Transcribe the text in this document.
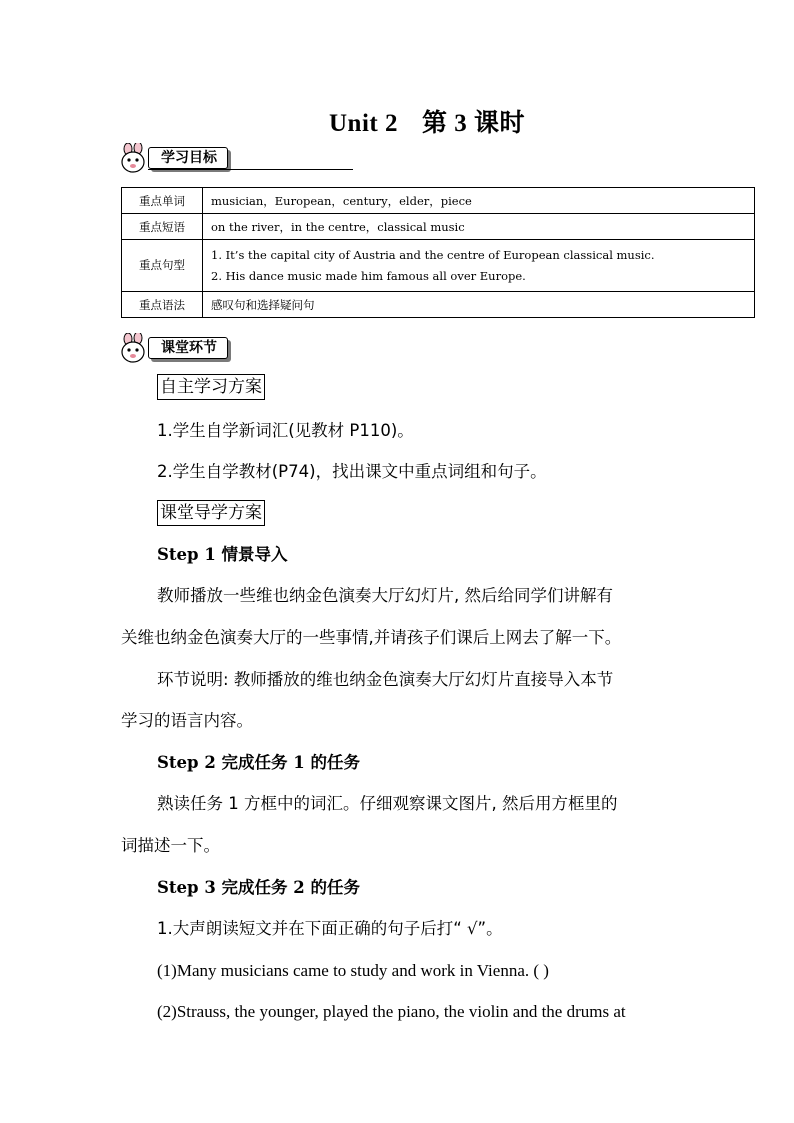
Unit 2 第 3 课时
学习目标
重点单词	musician，European，century，elder，piece
重点短语	on the river，in the centre，classical music
重点句型	1. It’s the capital city of Austria and the centre of European classical music.
2. His dance music made him famous all over Europe.

重点语法	感叹句和选择疑问句
课堂环节
自主学习方案
1.学生自学新词汇(见教材 P110)。
2.学生自学教材(P74)，找出课文中重点词组和句子。
课堂导学方案
Step 1 情景导入
教师播放一些维也纳金色演奏大厅幻灯片, 然后给同学们讲解有
关维也纳金色演奏大厅的一些事情,并请孩子们课后上网去了解一下。
环节说明: 教师播放的维也纳金色演奏大厅幻灯片直接导入本节
学习的语言内容。
Step 2 完成任务 1 的任务
熟读任务 1 方框中的词汇。仔细观察课文图片, 然后用方框里的
词描述一下。
Step 3 完成任务 2 的任务
1.大声朗读短文并在下面正确的句子后打“ √”。
(1)Many musicians came to study and work in Vienna. ( )
(2)Strauss, the younger, played the piano, the violin and the drums at
